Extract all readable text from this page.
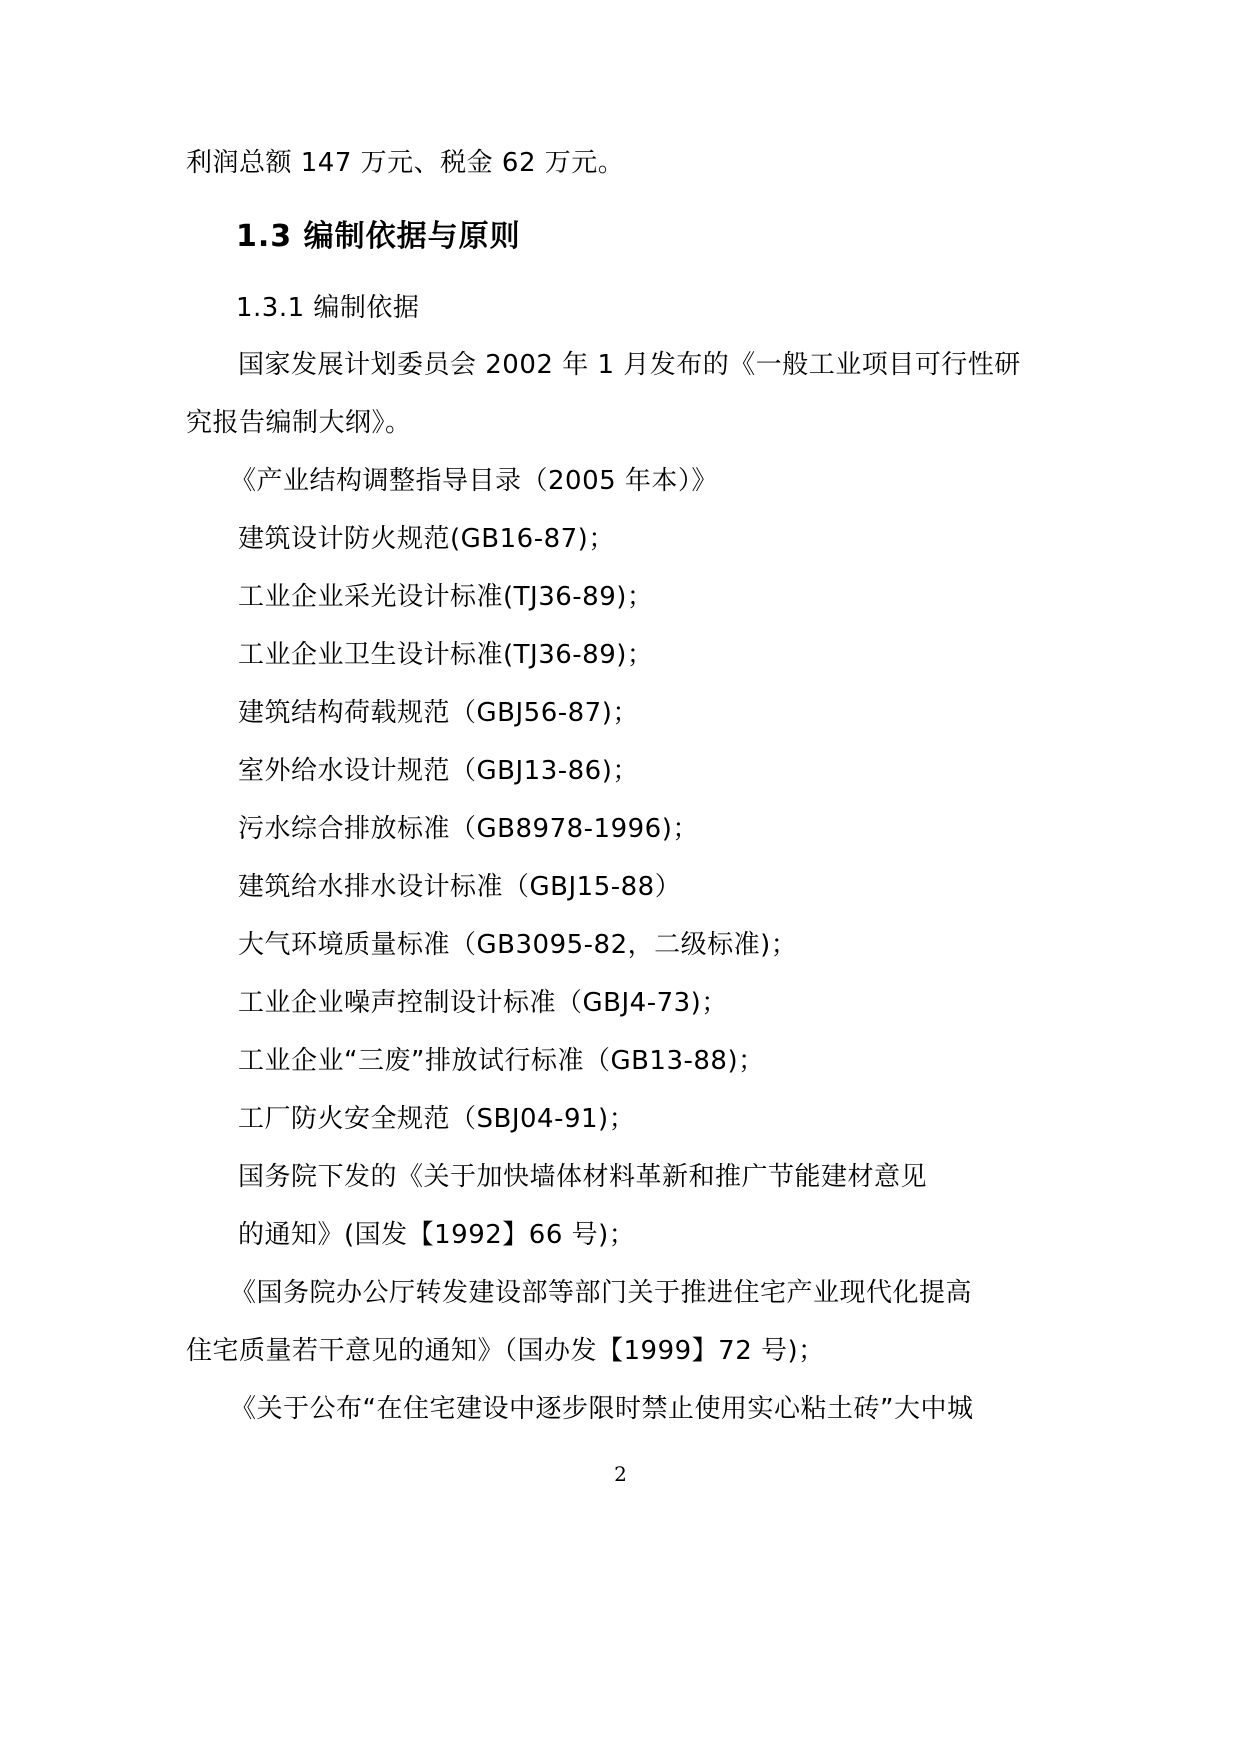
利润总额 147 万元、税金 62 万元。
1.3 编制依据与原则
1.3.1 编制依据
国家发展计划委员会 2002 年 1 月发布的《一般工业项目可行性研
究报告编制大纲》。
《产业结构调整指导目录（2005 年本）》
建筑设计防火规范(GB16-87)；
工业企业采光设计标准(TJ36-89)；
工业企业卫生设计标准(TJ36-89)；
建筑结构荷载规范（GBJ56-87)；
室外给水设计规范（GBJ13-86)；
污水综合排放标准（GB8978-1996)；
建筑给水排水设计标准（GBJ15-88）
大气环境质量标准（GB3095-82，二级标准)；
工业企业噪声控制设计标准（GBJ4-73)；
工业企业“三废”排放试行标准（GB13-88)；
工厂防火安全规范（SBJ04-91)；
国务院下发的《关于加快墙体材料革新和推广节能建材意见
的通知》(国发【1992】66 号)；
《国务院办公厅转发建设部等部门关于推进住宅产业现代化提高
住宅质量若干意见的通知》（国办发【1999】72 号)；
《关于公布“在住宅建设中逐步限时禁止使用实心粘土砖”大中城
2
